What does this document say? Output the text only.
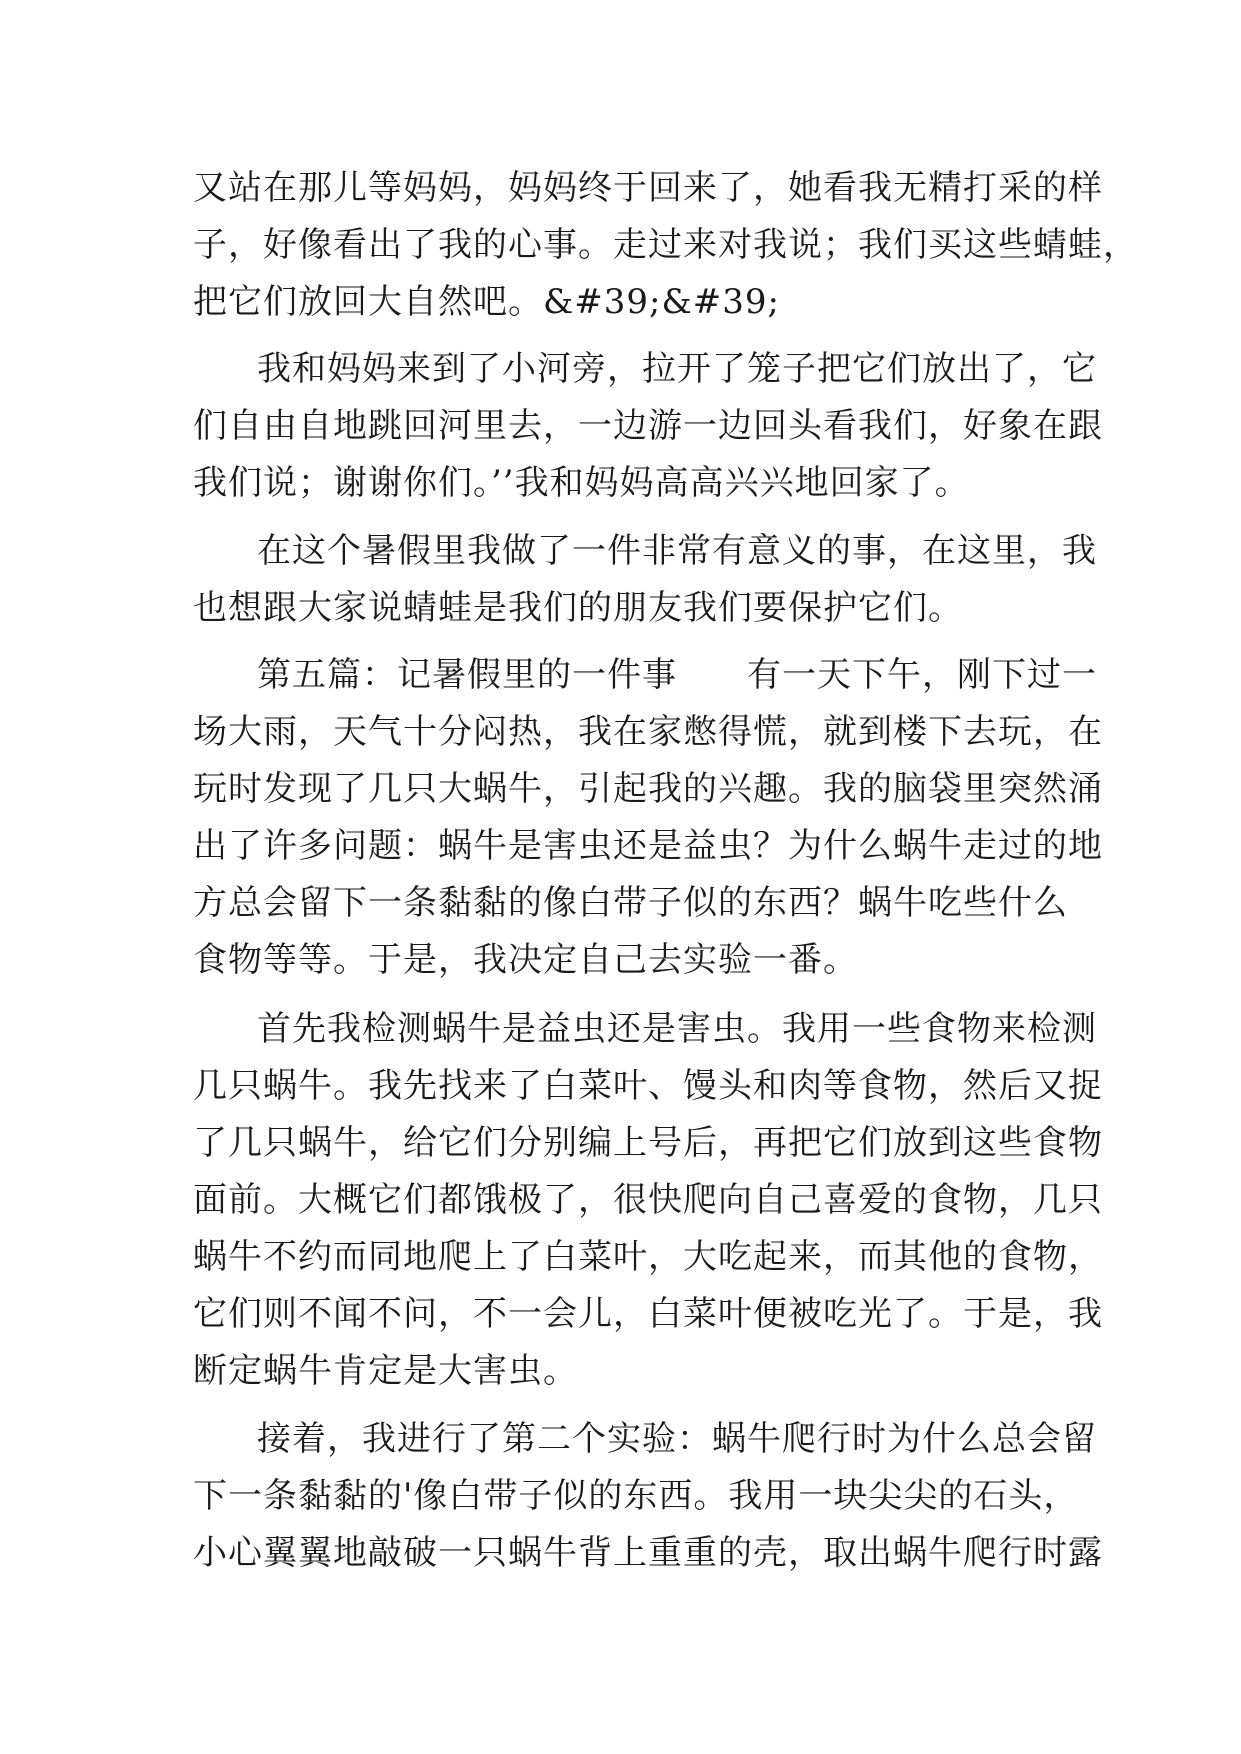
又站在那儿等妈妈，妈妈终于回来了，她看我无精打采的样

子，好像看出了我的心事。走过来对我说；我们买这些蜻蛙，

把它们放回大自然吧。&#39;&#39;

我和妈妈来到了小河旁，拉开了笼子把它们放出了，它

们自由自地跳回河里去，一边游一边回头看我们，好象在跟

我们说；谢谢你们。’’我和妈妈高高兴兴地回家了。

在这个暑假里我做了一件非常有意义的事，在这里，我

也想跟大家说蜻蛙是我们的朋友我们要保护它们。

第五篇：记暑假里的一件事　　有一天下午，刚下过一

场大雨，天气十分闷热，我在家憋得慌，就到楼下去玩，在

玩时发现了几只大蜗牛，引起我的兴趣。我的脑袋里突然涌

出了许多问题：蜗牛是害虫还是益虫？为什么蜗牛走过的地

方总会留下一条黏黏的像白带子似的东西？蜗牛吃些什么

食物等等。于是，我决定自己去实验一番。

首先我检测蜗牛是益虫还是害虫。我用一些食物来检测

几只蜗牛。我先找来了白菜叶、馒头和肉等食物，然后又捉

了几只蜗牛，给它们分别编上号后，再把它们放到这些食物

面前。大概它们都饿极了，很快爬向自己喜爱的食物，几只

蜗牛不约而同地爬上了白菜叶，大吃起来，而其他的食物，

它们则不闻不问，不一会儿，白菜叶便被吃光了。于是，我

断定蜗牛肯定是大害虫。

接着，我进行了第二个实验：蜗牛爬行时为什么总会留

下一条黏黏的'像白带子似的东西。我用一块尖尖的石头，

小心翼翼地敲破一只蜗牛背上重重的壳，取出蜗牛爬行时露
